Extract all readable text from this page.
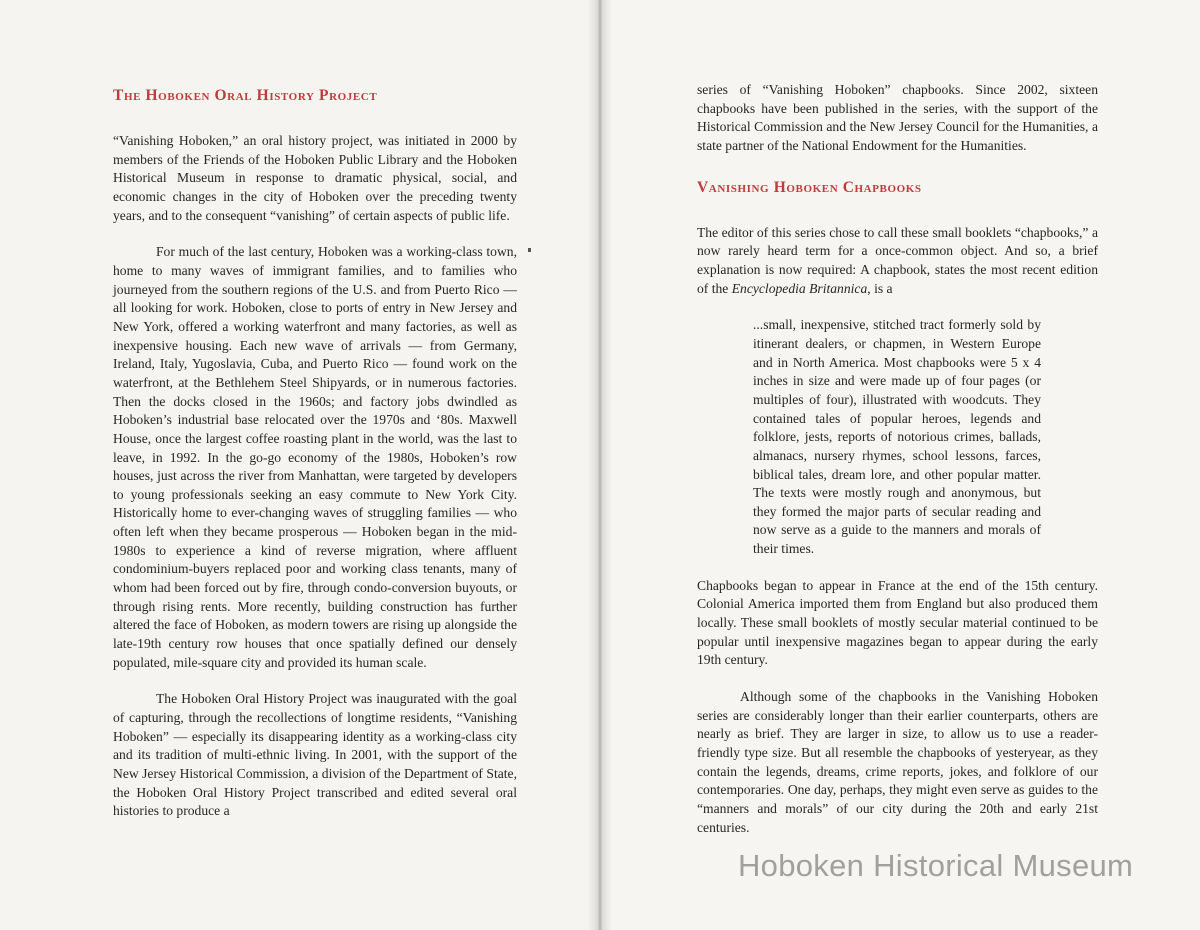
The Hoboken Oral History Project

“Vanishing Hoboken,” an oral history project, was initiated in 2000 by members of the Friends of the Hoboken Public Library and the Hoboken Historical Museum in response to dramatic physical, social, and economic changes in the city of Hoboken over the preceding twenty years, and to the consequent “vanishing” of certain aspects of public life.

For much of the last century, Hoboken was a working-class town, home to many waves of immigrant families, and to families who journeyed from the southern regions of the U.S. and from Puerto Rico — all looking for work. Hoboken, close to ports of entry in New Jersey and New York, offered a working waterfront and many factories, as well as inexpensive housing. Each new wave of arrivals — from Germany, Ireland, Italy, Yugoslavia, Cuba, and Puerto Rico — found work on the waterfront, at the Bethlehem Steel Shipyards, or in numerous factories. Then the docks closed in the 1960s; and factory jobs dwindled as Hoboken’s industrial base relocated over the 1970s and ‘80s. Maxwell House, once the largest coffee roasting plant in the world, was the last to leave, in 1992. In the go-go economy of the 1980s, Hoboken’s row houses, just across the river from Manhattan, were targeted by developers to young professionals seeking an easy commute to New York City. Historically home to ever-changing waves of struggling families — who often left when they became prosperous — Hoboken began in the mid-1980s to experience a kind of reverse migration, where affluent condominium-buyers replaced poor and working class tenants, many of whom had been forced out by fire, through condo-conversion buyouts, or through rising rents. More recently, building construction has further altered the face of Hoboken, as modern towers are rising up alongside the late-19th century row houses that once spatially defined our densely populated, mile-square city and provided its human scale.

The Hoboken Oral History Project was inaugurated with the goal of capturing, through the recollections of longtime residents, “Vanishing Hoboken” — especially its disappearing identity as a working-class city and its tradition of multi-ethnic living. In 2001, with the support of the New Jersey Historical Commission, a division of the Department of State, the Hoboken Oral History Project transcribed and edited several oral histories to produce a

series of “Vanishing Hoboken” chapbooks. Since 2002, sixteen chapbooks have been published in the series, with the support of the Historical Commission and the New Jersey Council for the Humanities, a state partner of the National Endowment for the Humanities.

Vanishing Hoboken Chapbooks

The editor of this series chose to call these small booklets “chapbooks,” a now rarely heard term for a once-common object. And so, a brief explanation is now required: A chapbook, states the most recent edition of the Encyclopedia Britannica, is a

...small, inexpensive, stitched tract formerly sold by itinerant dealers, or chapmen, in Western Europe and in North America. Most chapbooks were 5 x 4 inches in size and were made up of four pages (or multiples of four), illustrated with woodcuts. They contained tales of popular heroes, legends and folklore, jests, reports of notorious crimes, ballads, almanacs, nursery rhymes, school lessons, farces, biblical tales, dream lore, and other popular matter. The texts were mostly rough and anonymous, but they formed the major parts of secular reading and now serve as a guide to the manners and morals of their times.

Chapbooks began to appear in France at the end of the 15th century. Colonial America imported them from England but also produced them locally. These small booklets of mostly secular material continued to be popular until inexpensive magazines began to appear during the early 19th century.

Although some of the chapbooks in the Vanishing Hoboken series are considerably longer than their earlier counterparts, others are nearly as brief. They are larger in size, to allow us to use a reader-friendly type size. But all resemble the chapbooks of yesteryear, as they contain the legends, dreams, crime reports, jokes, and folklore of our contemporaries. One day, perhaps, they might even serve as guides to the “manners and morals” of our city during the 20th and early 21st centuries.

Hoboken Historical Museum
